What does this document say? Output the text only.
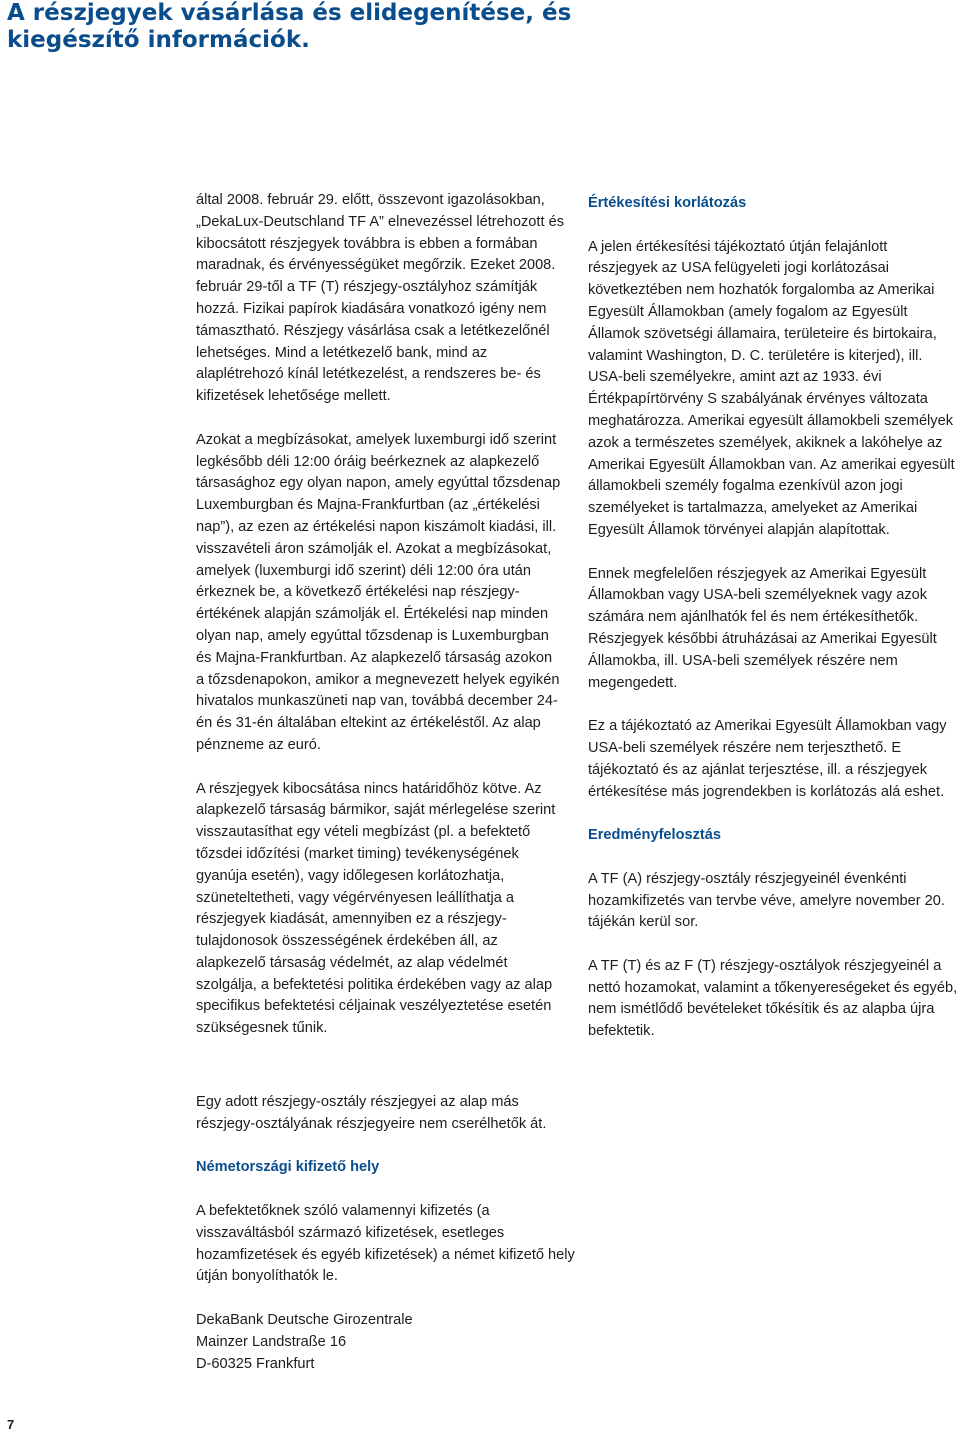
A részjegyek vásárlása és elidegenítése, és
kiegészítő információk.

által 2008. február 29. előtt, összevont igazolásokban, „DekaLux-Deutschland TF A” elnevezéssel létrehozott és kibocsátott részjegyek továbbra is ebben a formában maradnak, és érvényességüket megőrzik. Ezeket 2008. február 29-től a TF (T) részjegy-osztályhoz számítják hozzá. Fizikai papírok kiadására vonatkozó igény nem támasztható. Részjegy vásárlása csak a letétkezelőnél lehetséges. Mind a letétkezelő bank, mind az alaplétrehozó kínál letétkezelést, a rendszeres be- és kifizetések lehetősége mellett.

Azokat a megbízásokat, amelyek luxemburgi idő szerint legkésőbb déli 12:00 óráig beérkeznek az alapkezelő társasághoz egy olyan napon, amely egyúttal tőzsdenap Luxemburgban és Majna-Frankfurtban (az „értékelési nap”), az ezen az értékelési napon kiszámolt kiadási, ill. visszavételi áron számolják el. Azokat a megbízásokat, amelyek (luxemburgi idő szerint) déli 12:00 óra után érkeznek be, a következő értékelési nap részjegy-értékének alapján számolják el. Értékelési nap minden olyan nap, amely egyúttal tőzsdenap is Luxemburgban és Majna-Frankfurtban. Az alapkezelő társaság azokon a tőzsdenapokon, amikor a megnevezett helyek egyikén hivatalos munkaszüneti nap van, továbbá december 24-én és 31-én általában eltekint az értékeléstől. Az alap pénzneme az euró.

A részjegyek kibocsátása nincs határidőhöz kötve. Az alapkezelő társaság bármikor, saját mérlegelése szerint visszautasíthat egy vételi megbízást (pl. a befektető tőzsdei időzítési (market timing) tevékenységének gyanúja esetén), vagy időlegesen korlátozhatja, szüneteltetheti, vagy végérvényesen leállíthatja a részjegyek kiadását, amennyiben ez a részjegy-tulajdonosok összességének érdekében áll, az alapkezelő társaság védelmét, az alap védelmét szolgálja, a befektetési politika érdekében vagy az alap specifikus befektetési céljainak veszélyeztetése esetén szükségesnek tűnik.

Értékesítési korlátozás

A jelen értékesítési tájékoztató útján felajánlott részjegyek az USA felügyeleti jogi korlátozásai következtében nem hozhatók forgalomba az Amerikai Egyesült Államokban (amely fogalom az Egyesült Államok szövetségi államaira, területeire és birtokaira, valamint Washington, D. C. területére is kiterjed), ill. USA-beli személyekre, amint azt az 1933. évi Értékpapírtörvény S szabályának érvényes változata meghatározza. Amerikai egyesült államokbeli személyek azok a természetes személyek, akiknek a lakóhelye az Amerikai Egyesült Államokban van. Az amerikai egyesült államokbeli személy fogalma ezenkívül azon jogi személyeket is tartalmazza, amelyeket az Amerikai Egyesült Államok törvényei alapján alapítottak.

Ennek megfelelően részjegyek az Amerikai Egyesült Államokban vagy USA-beli személyeknek vagy azok számára nem ajánlhatók fel és nem értékesíthetők. Részjegyek későbbi átruházásai az Amerikai Egyesült Államokba, ill. USA-beli személyek részére nem megengedett.

Ez a tájékoztató az Amerikai Egyesült Államokban vagy USA-beli személyek részére nem terjeszthető. E tájékoztató és az ajánlat terjesztése, ill. a részjegyek értékesítése más jogrendekben is korlátozás alá eshet.

Eredményfelosztás

A TF (A) részjegy-osztály részjegyeinél évenkénti hozamkifizetés van tervbe véve, amelyre november 20. tájékán kerül sor.

A TF (T) és az F (T) részjegy-osztályok részjegyeinél a nettó hozamokat, valamint a tőkenyereségeket és egyéb, nem ismétlődő bevételeket tőkésítik és az alapba újra befektetik.

Egy adott részjegy-osztály részjegyei az alap más részjegy-osztályának részjegyeire nem cserélhetők át.

Németországi kifizető hely

A befektetőknek szóló valamennyi kifizetés (a visszaváltásból származó kifizetések, esetleges hozamfizetések és egyéb kifizetések) a német kifizető hely útján bonyolíthatók le.

DekaBank Deutsche Girozentrale

Mainzer Landstraße 16

D-60325 Frankfurt

7
